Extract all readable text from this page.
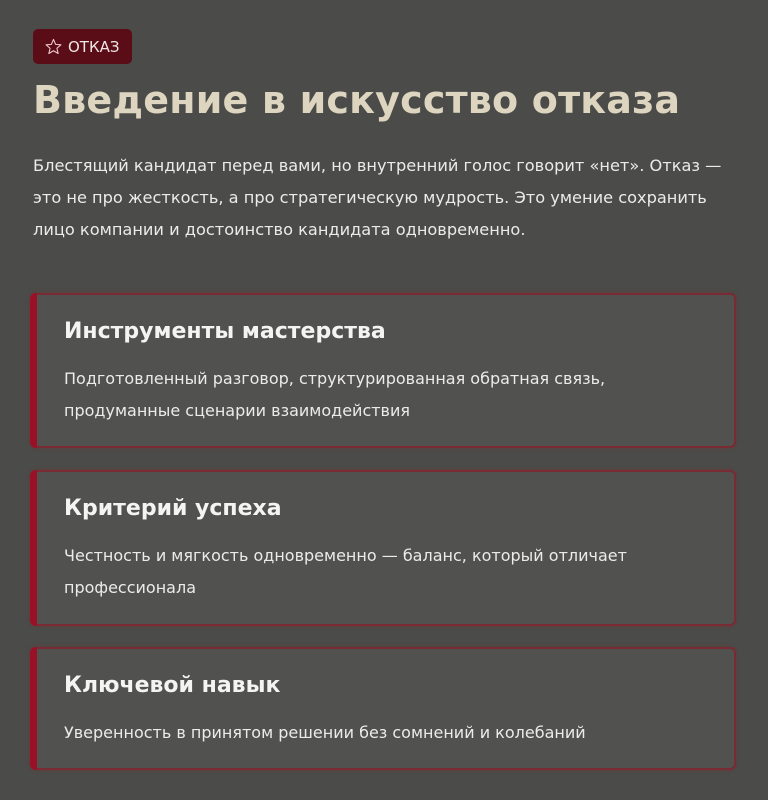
ОТКАЗ
Введение в искусство отказа

Блестящий кандидат перед вами, но внутренний голос говорит «нет». Отказ — это не про жесткость, а про стратегическую мудрость. Это умение сохранить лицо компании и достоинство кандидата одновременно.

Инструменты мастерства

Подготовленный разговор, структурированная обратная связь, продуманные сценарии взаимодействия

Критерий успеха

Честность и мягкость одновременно — баланс, который отличает профессионала

Ключевой навык

Уверенность в принятом решении без сомнений и колебаний
